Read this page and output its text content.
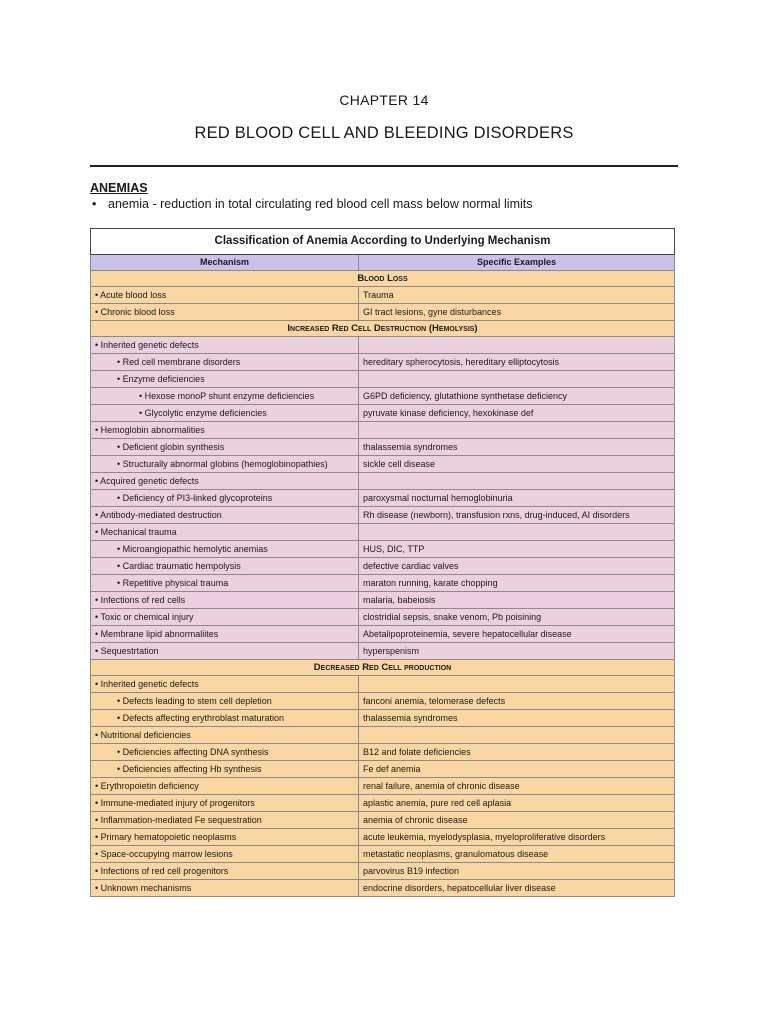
CHAPTER 14
RED BLOOD CELL AND BLEEDING DISORDERS
ANEMIAS
• anemia - reduction in total circulating red blood cell mass below normal limits
Classification of Anemia According to Underlying Mechanism	
Mechanism	Specific Examples
Blood Loss	
• Acute blood loss	Trauma
• Chronic blood loss	GI tract lesions, gyne disturbances
Increased Red Cell Destruction (Hemolysis)	
• Inherited genetic defects	
• Red cell membrane disorders	hereditary spherocytosis, hereditary elliptocytosis
• Enzyme deficiencies	
• Hexose monoP shunt enzyme deficiencies	G6PD deficiency, glutathione synthetase deficiency
• Glycolytic enzyme deficiencies	pyruvate kinase deficiency, hexokinase def
• Hemoglobin abnormalities	
• Deficient globin synthesis	thalassemia syndromes
• Structurally abnormal globins (hemoglobinopathies)	sickle cell disease
• Acquired genetic defects	
• Deficiency of PI3-linked glycoproteins	paroxysmal nocturnal hemoglobinuria
• Antibody-mediated destruction	Rh disease (newborn), transfusion rxns, drug-induced, AI disorders
• Mechanical trauma	
• Microangiopathic hemolytic anemias	HUS, DIC, TTP
• Cardiac traumatic hempolysis	defective cardiac valves
• Repetitive physical trauma	maraton running, karate chopping
• Infections of red cells	malaria, babeiosis
• Toxic or chemical injury	clostridial sepsis, snake venom, Pb poisining
• Membrane lipid abnormaliites	Abetalipoproteinemia, severe hepatocellular disease
• Sequestrtation	hyperspenism
Decreased Red Cell production	
• Inherited genetic defects	
• Defects leading to stem cell depletion	fanconi anemia, telomerase defects
• Defects affecting erythroblast maturation	thalassemia syndromes
• Nutritional deficiencies	
• Deficiencies affecting DNA synthesis	B12 and folate deficiencies
• Deficiencies affecting Hb synthesis	Fe def anemia
• Erythropoietin deficiency	renal failure, anemia of chronic disease
• Immune-mediated injury of progenitors	aplastic anemia, pure red cell aplasia
• Inflammation-mediated Fe sequestration	anemia of chronic disease
• Primary hematopoietic neoplasms	acute leukemia, myelodysplasia, myeloproliferative disorders
• Space-occupying marrow lesions	metastatic neoplasms, granulomatous disease
• Infections of red cell progenitors	parvovirus B19 infection
• Unknown mechanisms	endocrine disorders, hepatocellular liver disease
